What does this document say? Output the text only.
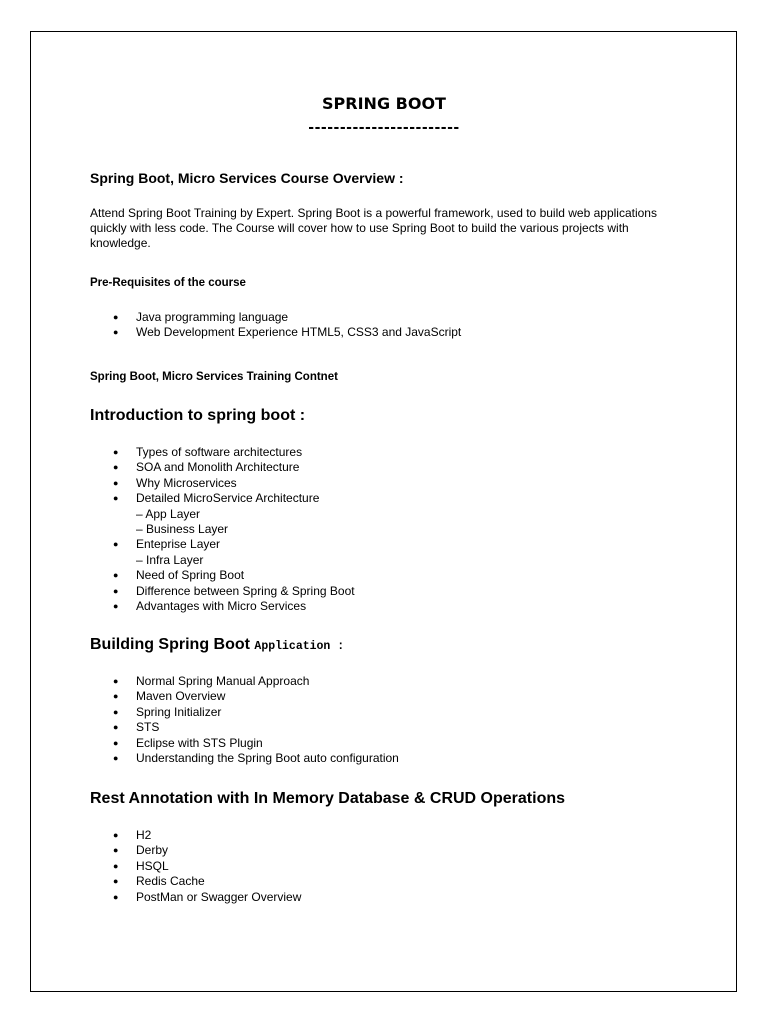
SPRING BOOT
------------------------
Spring Boot, Micro Services Course Overview :

Attend Spring Boot Training by Expert. Spring Boot is a powerful framework, used to build web applications quickly with less code. The Course will cover how to use Spring Boot to build the various projects with knowledge.

Pre-Requisites of the course
● Java programming language
● Web Development Experience HTML5, CSS3 and JavaScript
Spring Boot, Micro Services Training Contnet
Introduction to spring boot :
● Types of software architectures
● SOA and Monolith Architecture
● Why Microservices
● Detailed MicroService Architecture
– App Layer
– Business Layer
● Enteprise Layer
– Infra Layer
● Need of Spring Boot
● Difference between Spring & Spring Boot
● Advantages with Micro Services
Building Spring Boot Application :
● Normal Spring Manual Approach
● Maven Overview
● Spring Initializer
● STS
● Eclipse with STS Plugin
● Understanding the Spring Boot auto configuration
Rest Annotation with In Memory Database & CRUD Operations
● H2
● Derby
● HSQL
● Redis Cache
● PostMan or Swagger Overview
